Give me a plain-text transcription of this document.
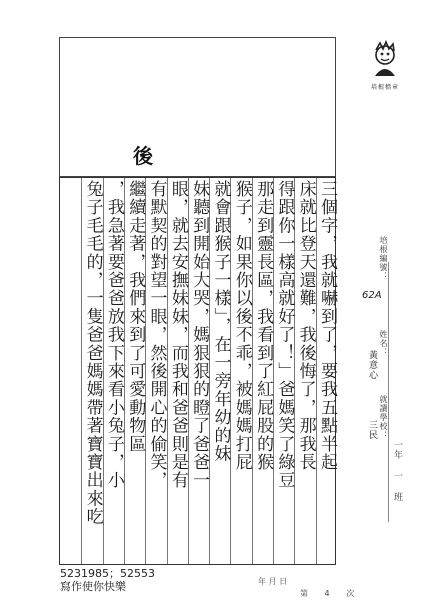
培根標章
後
培根編號：
62A
姓名：
黃意心
就讀學校：
三民
一年 一 班
三個字，我就嚇到了，要我五點半起
床就比登天還難，我後悔了，那我長
得跟你一樣高就好了！」爸媽笑了綠豆
那走到靈長區，我看到了紅屁股的猴
猴子，如果你以後不乖，被媽媽打屁
就會跟猴子一樣」，在一旁年幼的妹
妹聽到開始大哭，媽狠狠的瞪了爸爸一
眼，就去安撫妹妹，而我和爸爸則是有
有默契的對望一眼，然後開心的偷笑，
繼續走著，我們來到了可愛動物區
，我急著要爸爸放我下來看小兔子，小
兔子毛毛的，一隻爸爸媽媽帶著寶寶出來吃
5231985；52553
寫作使你快樂	年 月 日
第 4 次
